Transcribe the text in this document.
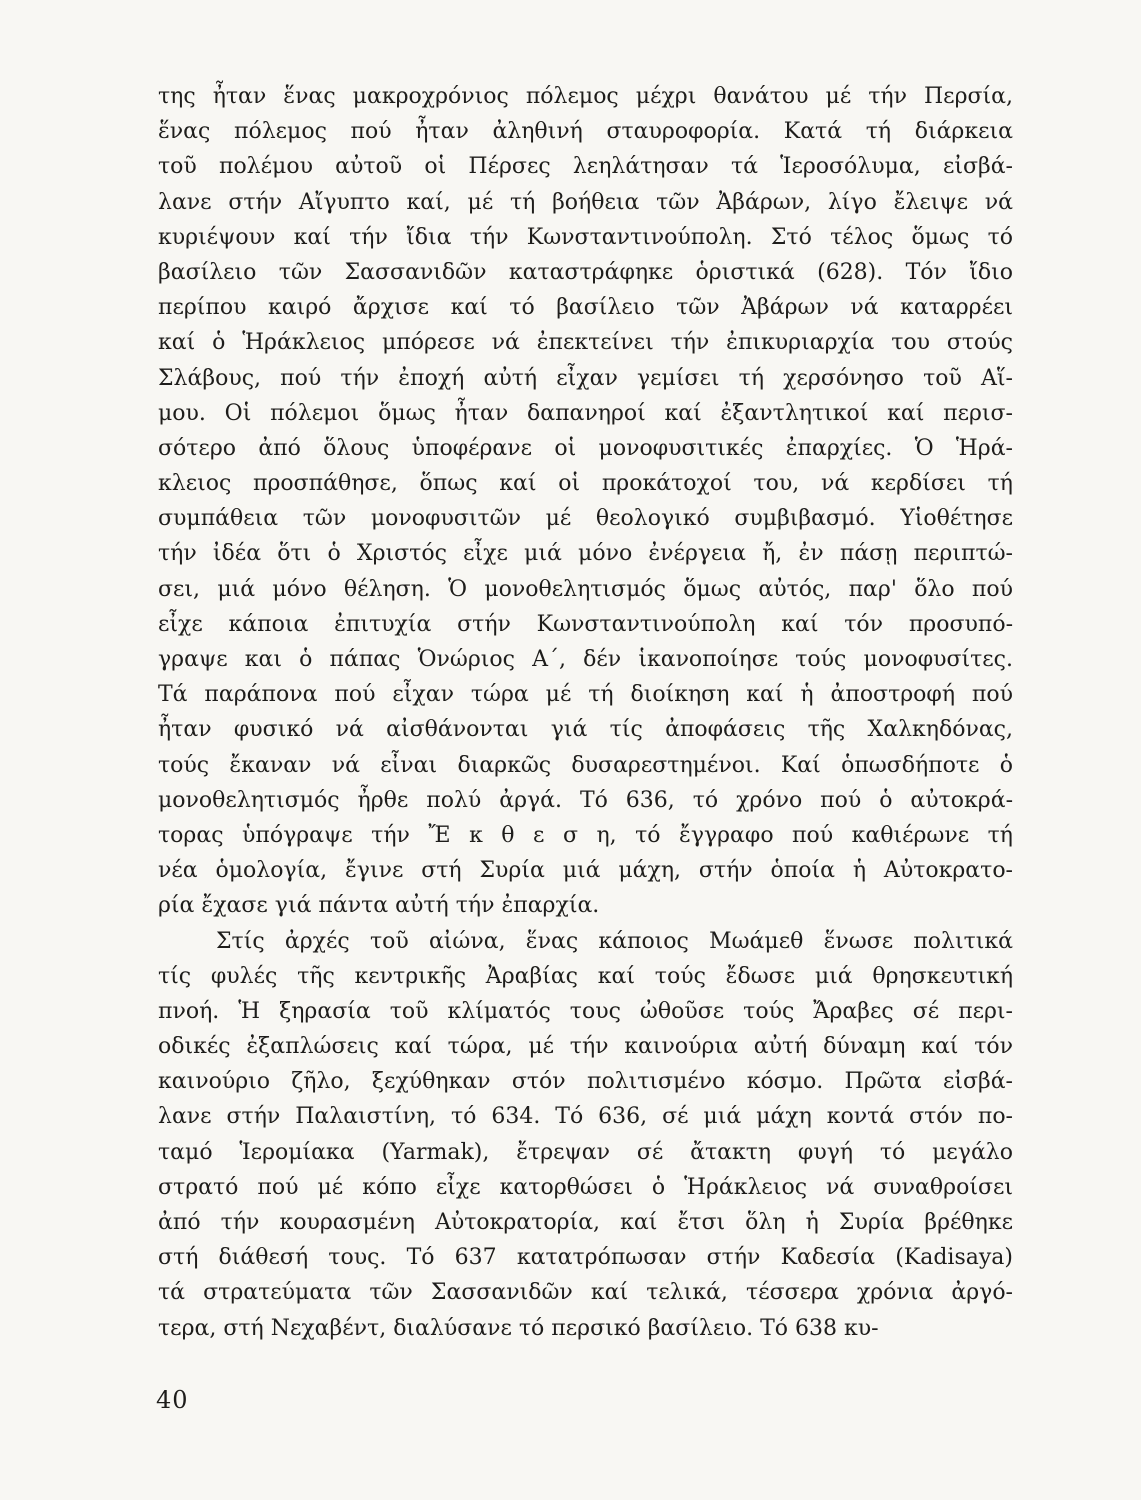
της ἦταν ἕνας μακροχρόνιος πόλεμος μέχρι θανάτου μέ τήν Περσία,
ἕνας πόλεμος πού ἦταν ἀληθινή σταυροφορία. Κατά τή διάρκεια
τοῦ πολέμου αὐτοῦ οἱ Πέρσες λεηλάτησαν τά Ἱεροσόλυμα, εἰσβά-
λανε στήν Αἴγυπτο καί, μέ τή βοήθεια τῶν Ἀβάρων, λίγο ἔλειψε νά
κυριέψουν καί τήν ἴδια τήν Κωνσταντινούπολη. Στό τέλος ὅμως τό
βασίλειο τῶν Σασσανιδῶν καταστράφηκε ὁριστικά (628). Τόν ἴδιο
περίπου καιρό ἄρχισε καί τό βασίλειο τῶν Ἀβάρων νά καταρρέει
καί ὁ Ἡράκλειος μπόρεσε νά ἐπεκτείνει τήν ἐπικυριαρχία του στούς
Σλάβους, πού τήν ἐποχή αὐτή εἶχαν γεμίσει τή χερσόνησο τοῦ Αἵ-
μου. Οἱ πόλεμοι ὅμως ἦταν δαπανηροί καί ἐξαντλητικοί καί περισ-
σότερο ἀπό ὅλους ὑποφέρανε οἱ μονοφυσιτικές ἐπαρχίες. Ὁ Ἡρά-
κλειος προσπάθησε, ὅπως καί οἱ προκάτοχοί του, νά κερδίσει τή
συμπάθεια τῶν μονοφυσιτῶν μέ θεολογικό συμβιβασμό. Υἱοθέτησε
τήν ἰδέα ὅτι ὁ Χριστός εἶχε μιά μόνο ἐνέργεια ἤ, ἐν πάσῃ περιπτώ-
σει, μιά μόνο θέληση. Ὁ μονοθελητισμός ὅμως αὐτός, παρ' ὅλο πού
εἶχε κάποια ἐπιτυχία στήν Κωνσταντινούπολη καί τόν προσυπό-
γραψε και ὁ πάπας Ὁνώριος Α΄, δέν ἱκανοποίησε τούς μονοφυσίτες.
Τά παράπονα πού εἶχαν τώρα μέ τή διοίκηση καί ἡ ἀποστροφή πού
ἦταν φυσικό νά αἰσθάνονται γιά τίς ἀποφάσεις τῆς Χαλκηδόνας,
τούς ἔκαναν νά εἶναι διαρκῶς δυσαρεστημένοι. Καί ὁπωσδήποτε ὁ
μονοθελητισμός ἦρθε πολύ ἀργά. Τό 636, τό χρόνο πού ὁ αὐτοκρά-
τορας ὑπόγραψε τήν Ἔ κ θ ε σ η, τό ἔγγραφο πού καθιέρωνε τή
νέα ὁμολογία, ἔγινε στή Συρία μιά μάχη, στήν ὁποία ἡ Αὐτοκρατο-
ρία ἔχασε γιά πάντα αὐτή τήν ἐπαρχία.
Στίς ἀρχές τοῦ αἰώνα, ἕνας κάποιος Μωάμεθ ἕνωσε πολιτικά
τίς φυλές τῆς κεντρικῆς Ἀραβίας καί τούς ἔδωσε μιά θρησκευτική
πνοή. Ἡ ξηρασία τοῦ κλίματός τους ὠθοῦσε τούς Ἄραβες σέ περι-
οδικές ἐξαπλώσεις καί τώρα, μέ τήν καινούρια αὐτή δύναμη καί τόν
καινούριο ζῆλο, ξεχύθηκαν στόν πολιτισμένο κόσμο. Πρῶτα εἰσβά-
λανε στήν Παλαιστίνη, τό 634. Τό 636, σέ μιά μάχη κοντά στόν πο-
ταμό Ἱερομίακα (Yarmak), ἔτρεψαν σέ ἄτακτη φυγή τό μεγάλο
στρατό πού μέ κόπο εἶχε κατορθώσει ὁ Ἡράκλειος νά συναθροίσει
ἀπό τήν κουρασμένη Αὐτοκρατορία, καί ἔτσι ὅλη ἡ Συρία βρέθηκε
στή διάθεσή τους. Τό 637 κατατρόπωσαν στήν Καδεσία (Kadisaya)
τά στρατεύματα τῶν Σασσανιδῶν καί τελικά, τέσσερα χρόνια ἀργό-
τερα, στή Νεχαβέντ, διαλύσανε τό περσικό βασίλειο. Τό 638 κυ-
40
